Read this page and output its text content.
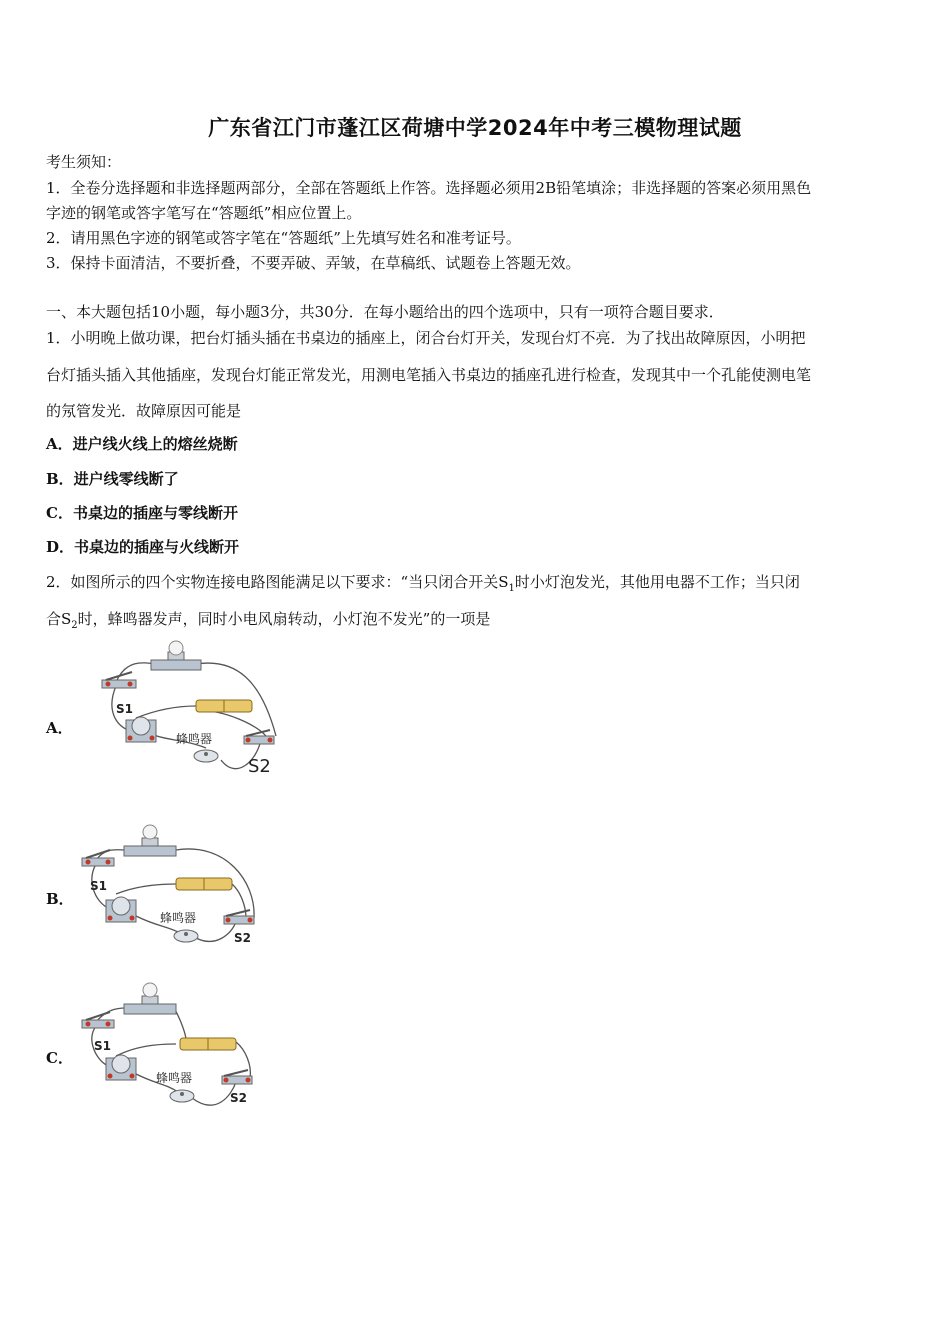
广东省江门市蓬江区荷塘中学2024年中考三模物理试题
考生须知：
1．全卷分选择题和非选择题两部分，全部在答题纸上作答。选择题必须用2B铅笔填涂；非选择题的答案必须用黑色
字迹的钢笔或答字笔写在“答题纸”相应位置上。
2．请用黑色字迹的钢笔或答字笔在“答题纸”上先填写姓名和准考证号。
3．保持卡面清洁，不要折叠，不要弄破、弄皱，在草稿纸、试题卷上答题无效。
一、本大题包括10小题，每小题3分，共30分．在每小题给出的四个选项中，只有一项符合题目要求．
1．小明晚上做功课，把台灯插头插在书桌边的插座上，闭合台灯开关，发现台灯不亮．为了找出故障原因，小明把
台灯插头插入其他插座，发现台灯能正常发光，用测电笔插入书桌边的插座孔进行检查，发现其中一个孔能使测电笔
的氖管发光．故障原因可能是
A．进户线火线上的熔丝烧断
B．进户线零线断了
C．书桌边的插座与零线断开
D．书桌边的插座与火线断开
2．如图所示的四个实物连接电路图能满足以下要求：“当只闭合开关$S_1$时小灯泡发光，其他用电器不工作；当只闭
合$S_2$时，蜂鸣器发声，同时小电风扇转动，小灯泡不发光”的一项是
A．
S1
蜂鸣器
S2
B．
S1
蜂鸣器
S2
C．
S1
蜂鸣器
S2
